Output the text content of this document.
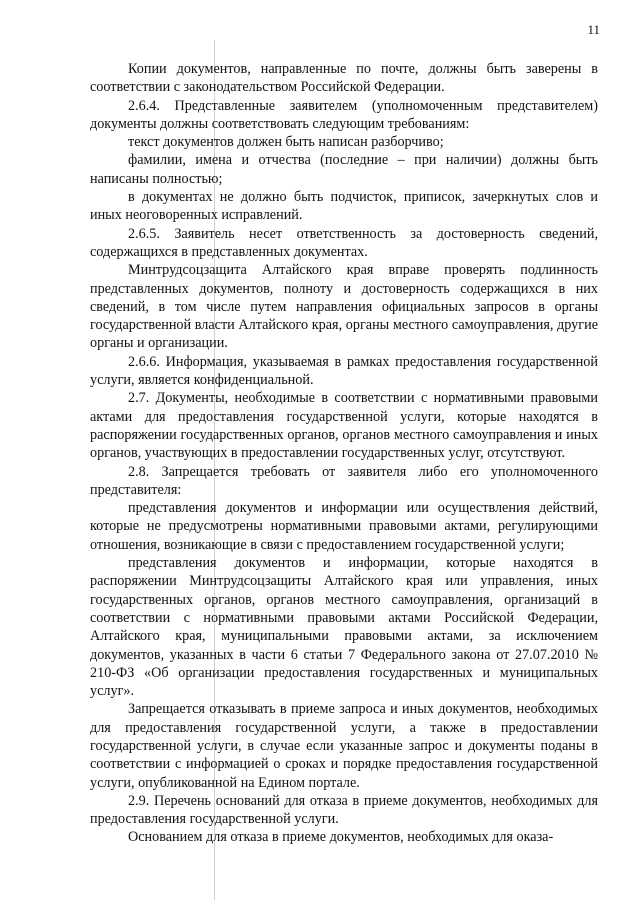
11

Копии документов, направленные по почте, должны быть заверены в соответствии с законодательством Российской Федерации.

2.6.4. Представленные заявителем (уполномоченным представителем) документы должны соответствовать следующим требованиям:

текст документов должен быть написан разборчиво;

фамилии, имена и отчества (последние – при наличии) должны быть написаны полностью;

в документах не должно быть подчисток, приписок, зачеркнутых слов и иных неоговоренных исправлений.

2.6.5. Заявитель несет ответственность за достоверность сведений, содержащихся в представленных документах.

Минтрудсоцзащита Алтайского края вправе проверять подлинность представленных документов, полноту и достоверность содержащихся в них сведений, в том числе путем направления официальных запросов в органы государственной власти Алтайского края, органы местного самоуправления, другие органы и организации.

2.6.6. Информация, указываемая в рамках предоставления государственной услуги, является конфиденциальной.

2.7. Документы, необходимые в соответствии с нормативными правовыми актами для предоставления государственной услуги, которые находятся в распоряжении государственных органов, органов местного самоуправления и иных органов, участвующих в предоставлении государственных услуг, отсутствуют.

2.8. Запрещается требовать от заявителя либо его уполномоченного представителя:

представления документов и информации или осуществления действий, которые не предусмотрены нормативными правовыми актами, регулирующими отношения, возникающие в связи с предоставлением государственной услуги;

представления документов и информации, которые находятся в распоряжении Минтрудсоцзащиты Алтайского края или управления, иных государственных органов, органов местного самоуправления, организаций в соответствии с нормативными правовыми актами Российской Федерации, Алтайского края, муниципальными правовыми актами, за исключением документов, указанных в части 6 статьи 7 Федерального закона от 27.07.2010 № 210-ФЗ «Об организации предоставления государственных и муниципальных услуг».

Запрещается отказывать в приеме запроса и иных документов, необходимых для предоставления государственной услуги, а также в предоставлении государственной услуги, в случае если указанные запрос и документы поданы в соответствии с информацией о сроках и порядке предоставления государственной услуги, опубликованной на Едином портале.

2.9. Перечень оснований для отказа в приеме документов, необходимых для предоставления государственной услуги.

Основанием для отказа в приеме документов, необходимых для оказа-
